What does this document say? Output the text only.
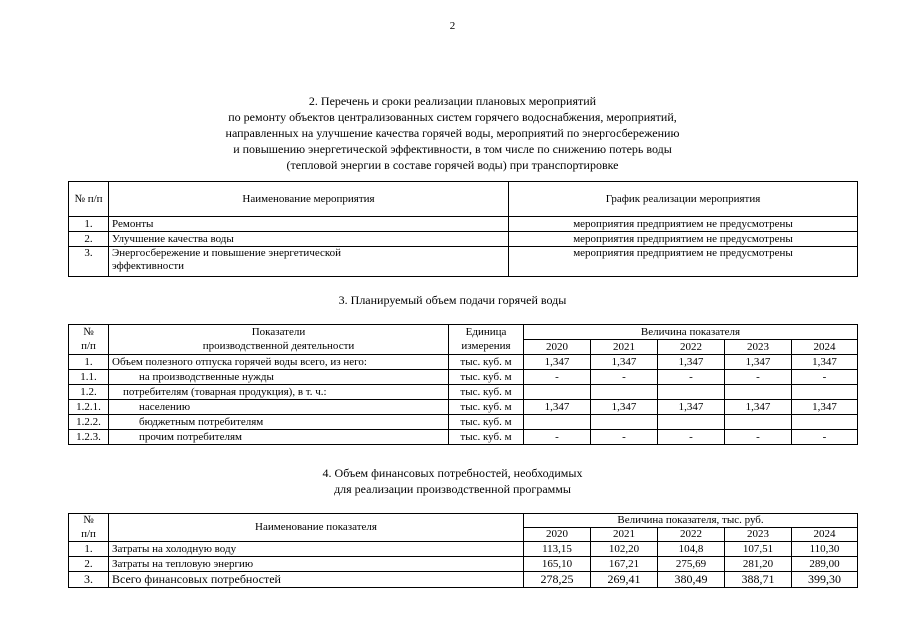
2
2. Перечень и сроки реализации плановых мероприятий
по ремонту объектов централизованных систем горячего водоснабжения, мероприятий,
направленных на улучшение качества горячей воды, мероприятий по энергосбережению
и повышению энергетической эффективности, в том числе по снижению потерь воды
(тепловой энергии в составе горячей воды) при транспортировке
№ п/п	Наименование мероприятия	График реализации мероприятия
1.	Ремонты	мероприятия предприятием не предусмотрены
2.	Улучшение качества воды	мероприятия предприятием не предусмотрены
3.	Энергосбережение и повышение энергетической эффективности	мероприятия предприятием не предусмотрены
3. Планируемый объем подачи горячей воды
№	Показатели	Единица	Величина показателя				
п/п	производственной деятельности	измерения	2020	2021	2022	2023	2024
1.	Объем полезного отпуска горячей воды всего, из него:	тыс. куб. м	1,347	1,347	1,347	1,347	1,347
1.1.	на производственные нужды	тыс. куб. м	-	-	-	-	-
1.2.	потребителям (товарная продукция), в т. ч.:	тыс. куб. м					
1.2.1.	населению	тыс. куб. м	1,347	1,347	1,347	1,347	1,347
1.2.2.	бюджетным потребителям	тыс. куб. м					
1.2.3.	прочим потребителям	тыс. куб. м	-	-	-	-	-
4. Объем финансовых потребностей, необходимых
для реализации производственной программы
№	Наименование показателя	Величина показателя, тыс. руб.				
п/п		2020	2021	2022	2023	2024
1.	Затраты на холодную воду	113,15	102,20	104,8	107,51	110,30
2.	Затраты на тепловую энергию	165,10	167,21	275,69	281,20	289,00
3.	Всего финансовых потребностей	278,25	269,41	380,49	388,71	399,30
